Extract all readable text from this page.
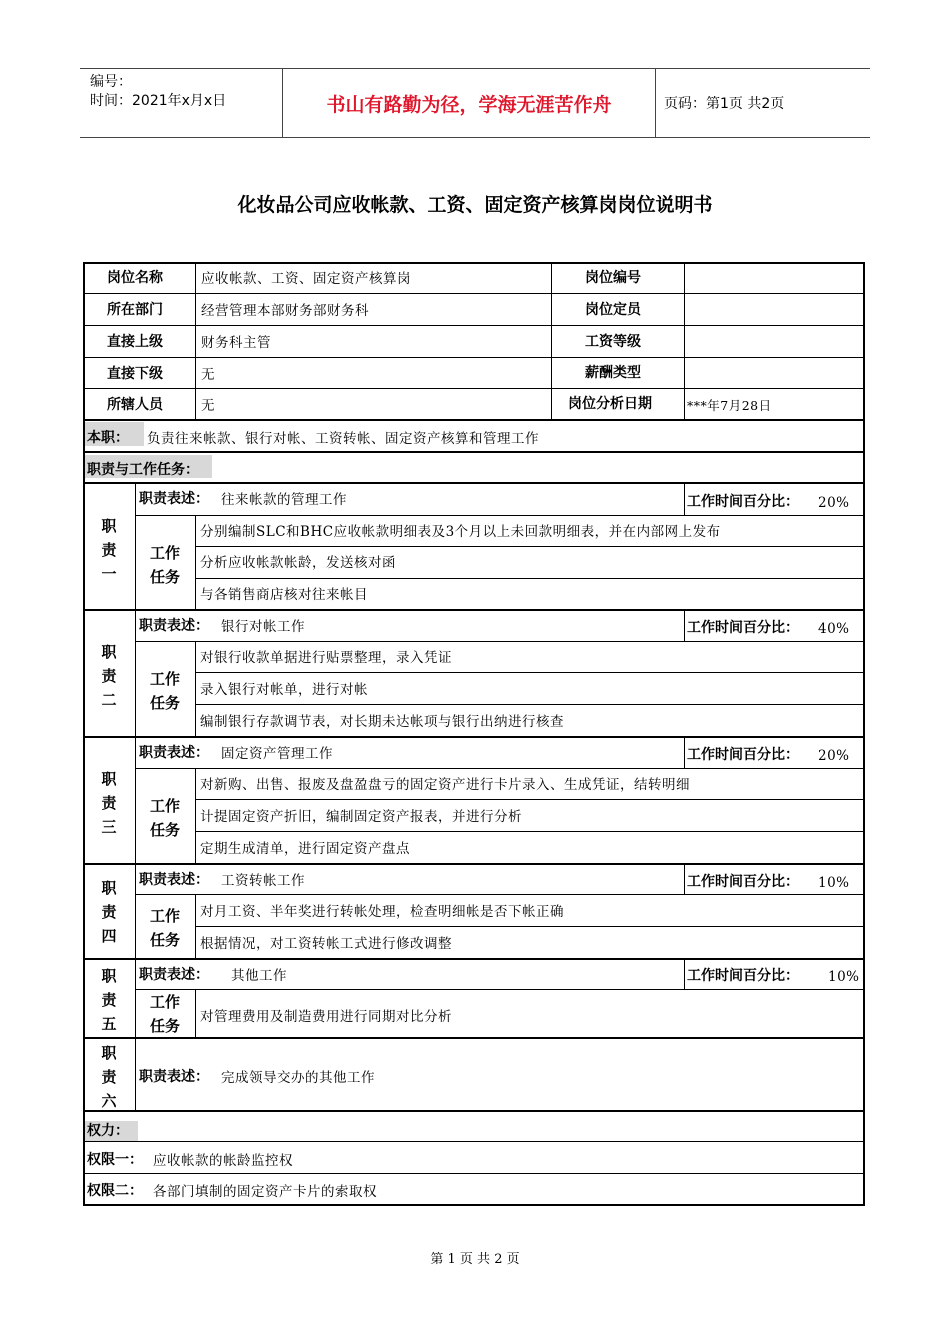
编号：
时间：2021年x月x日	书山有路勤为径，学海无涯苦作舟	页码：第1页 共2页
化妆品公司应收帐款、工资、固定资产核算岗岗位说明书
岗位名称	应收帐款、工资、固定资产核算岗	岗位编号
所在部门	经营管理本部财务部财务科	岗位定员
直接上级	财务科主管	工资等级
直接下级	无	薪酬类型
所辖人员	无	岗位分析日期	***年7月28日
本职： 负责往来帐款、银行对帐、工资转帐、固定资产核算和管理工作
职责与工作任务：
职
责
一
职责表述： 往来帐款的管理工作	工作时间百分比： 20%
工作
任务
分别编制SLC和BHC应收帐款明细表及3个月以上未回款明细表，并在内部网上发布
分析应收帐款帐龄，发送核对函
与各销售商店核对往来帐目
职
责
二
职责表述： 银行对帐工作	工作时间百分比： 40%
工作
任务
对银行收款单据进行贴票整理，录入凭证
录入银行对帐单，进行对帐
编制银行存款调节表，对长期未达帐项与银行出纳进行核查
职
责
三
职责表述： 固定资产管理工作	工作时间百分比： 20%
工作
任务
对新购、出售、报废及盘盈盘亏的固定资产进行卡片录入、生成凭证，结转明细
计提固定资产折旧，编制固定资产报表，并进行分析
定期生成清单，进行固定资产盘点
职
责
四
职责表述： 工资转帐工作	工作时间百分比： 10%
工作
任务
对月工资、半年奖进行转帐处理，检查明细帐是否下帐正确
根据情况，对工资转帐工式进行修改调整
职
责
五
职责表述： 其他工作	工作时间百分比： 10%
工作
任务	对管理费用及制造费用进行同期对比分析
职
责
六
职责表述： 完成领导交办的其他工作
权力：
权限一： 应收帐款的帐龄监控权
权限二： 各部门填制的固定资产卡片的索取权
第 1 页 共 2 页
